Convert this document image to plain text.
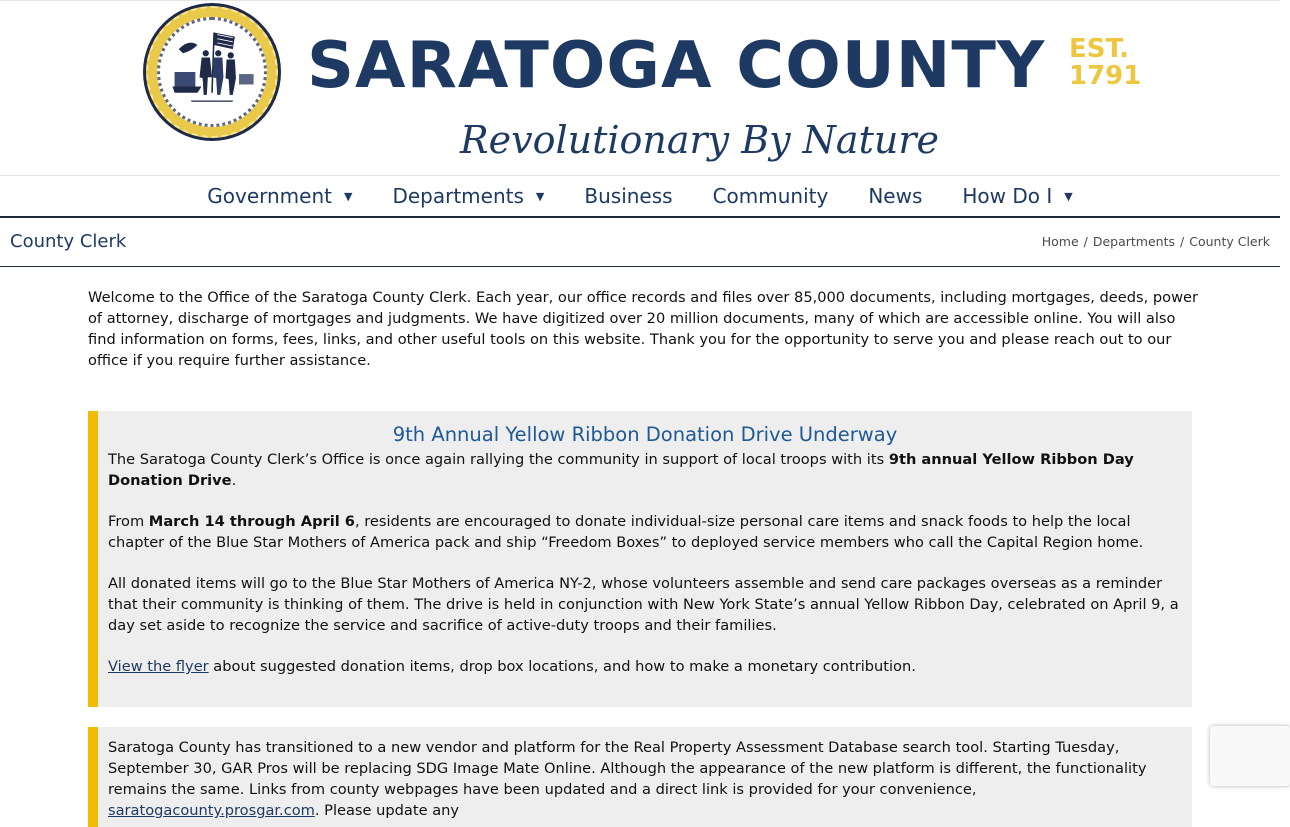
SARATOGA COUNTY EST.
1791
Revolutionary By Nature
Government ▼ Departments ▼ Business Community News How Do I ▼
County Clerk	Home / Departments / County Clerk

Welcome to the Office of the Saratoga County Clerk. Each year, our office records and files over 85,000 documents, including mortgages, deeds, power of attorney, discharge of mortgages and judgments. We have digitized over 20 million documents, many of which are accessible online. You will also find information on forms, fees, links, and other useful tools on this website. Thank you for the opportunity to serve you and please reach out to our office if you require further assistance.

9th Annual Yellow Ribbon Donation Drive Underway

The Saratoga County Clerk’s Office is once again rallying the community in support of local troops with its 9th annual Yellow Ribbon Day Donation Drive.

From March 14 through April 6, residents are encouraged to donate individual-size personal care items and snack foods to help the local chapter of the Blue Star Mothers of America pack and ship “Freedom Boxes” to deployed service members who call the Capital Region home.

All donated items will go to the Blue Star Mothers of America NY-2, whose volunteers assemble and send care packages overseas as a reminder that their community is thinking of them. The drive is held in conjunction with New York State’s annual Yellow Ribbon Day, celebrated on April 9, a day set aside to recognize the service and sacrifice of active-duty troops and their families.

View the flyer about suggested donation items, drop box locations, and how to make a monetary contribution.

Saratoga County has transitioned to a new vendor and platform for the Real Property Assessment Database search tool. Starting Tuesday, September 30, GAR Pros will be replacing SDG Image Mate Online. Although the appearance of the new platform is different, the functionality remains the same. Links from county webpages have been updated and a direct link is provided for your convenience, saratogacounty.prosgar.com. Please update any
